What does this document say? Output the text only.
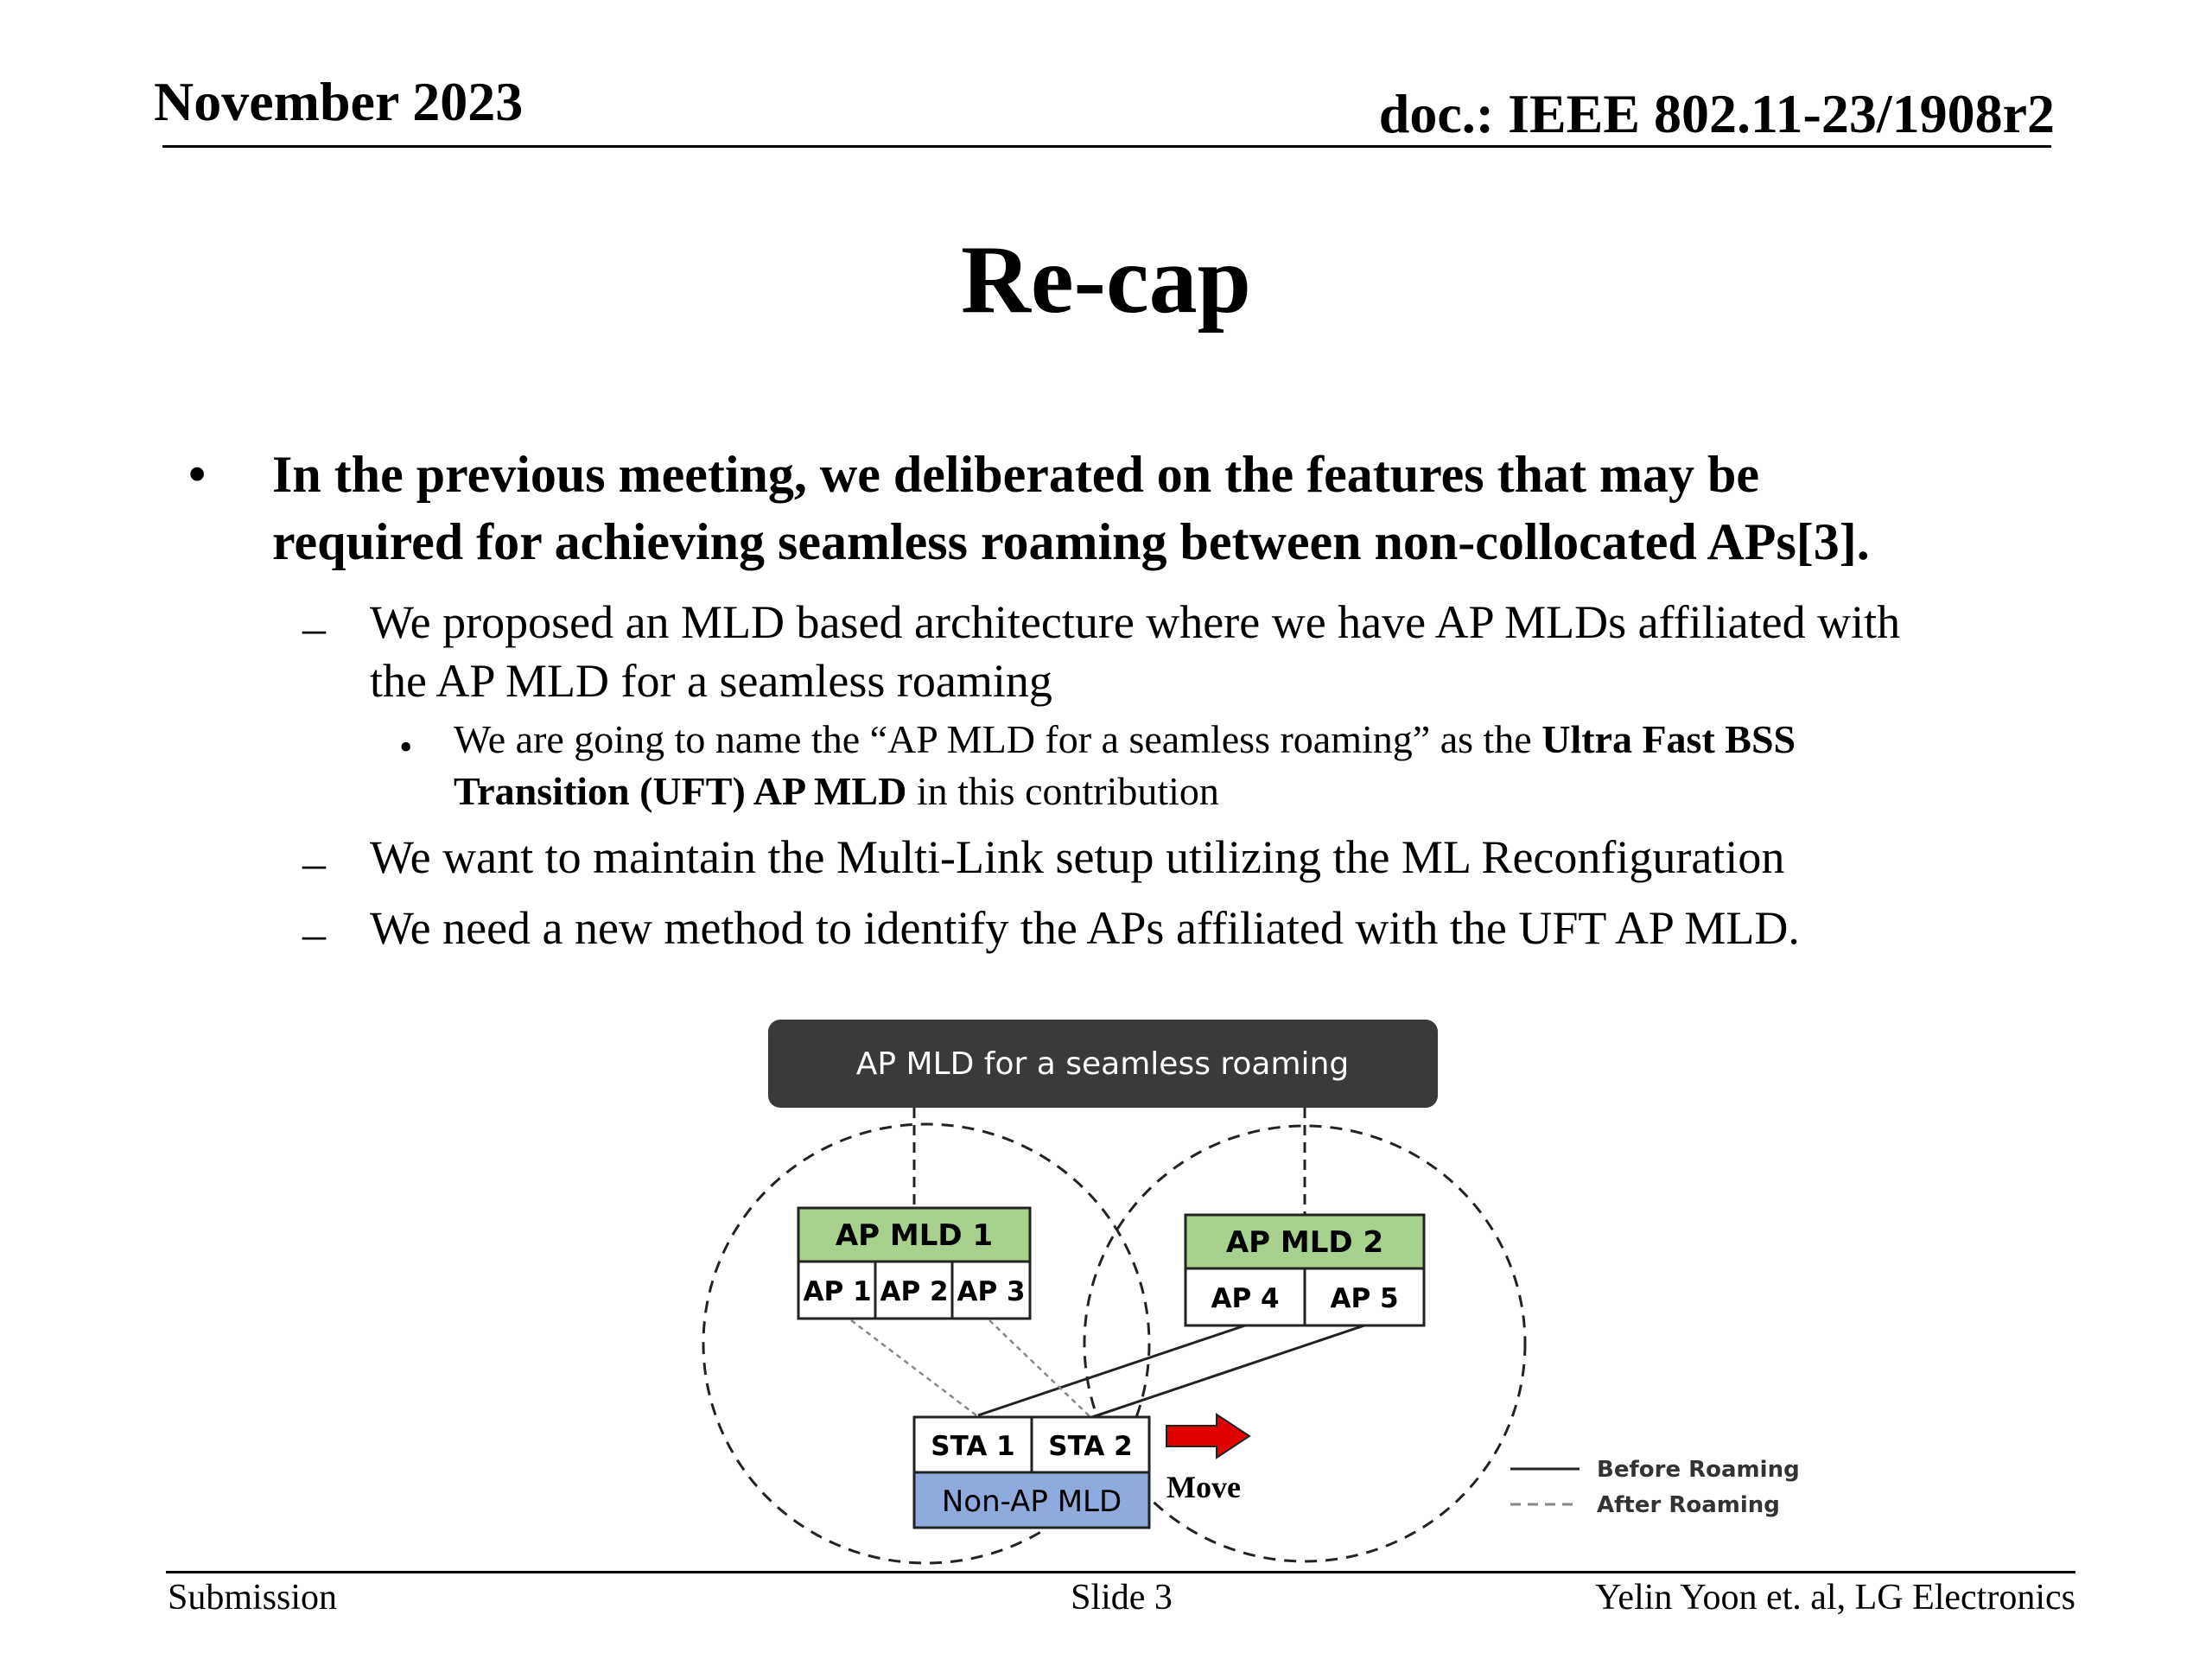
November 2023	doc.: IEEE 802.11-23/1908r2
Re-cap
• In the previous meeting, we deliberated on the features that may be
required for achieving seamless roaming between non-collocated APs[3].
– We proposed an MLD based architecture where we have AP MLDs affiliated with
the AP MLD for a seamless roaming
• We are going to name the “AP MLD for a seamless roaming” as the Ultra Fast BSS
Transition (UFT) AP MLD in this contribution
– We want to maintain the Multi-Link setup utilizing the ML Reconfiguration
– We need a new method to identify the APs affiliated with the UFT AP MLD.
AP MLD for a seamless roaming
AP MLD 1
AP 1 AP 2 AP 3
AP MLD 2
AP 4 AP 5
STA 1 STA 2
Non-AP MLD Move	Before Roaming
After Roaming
Submission	Slide 3	Yelin Yoon et. al, LG Electronics
